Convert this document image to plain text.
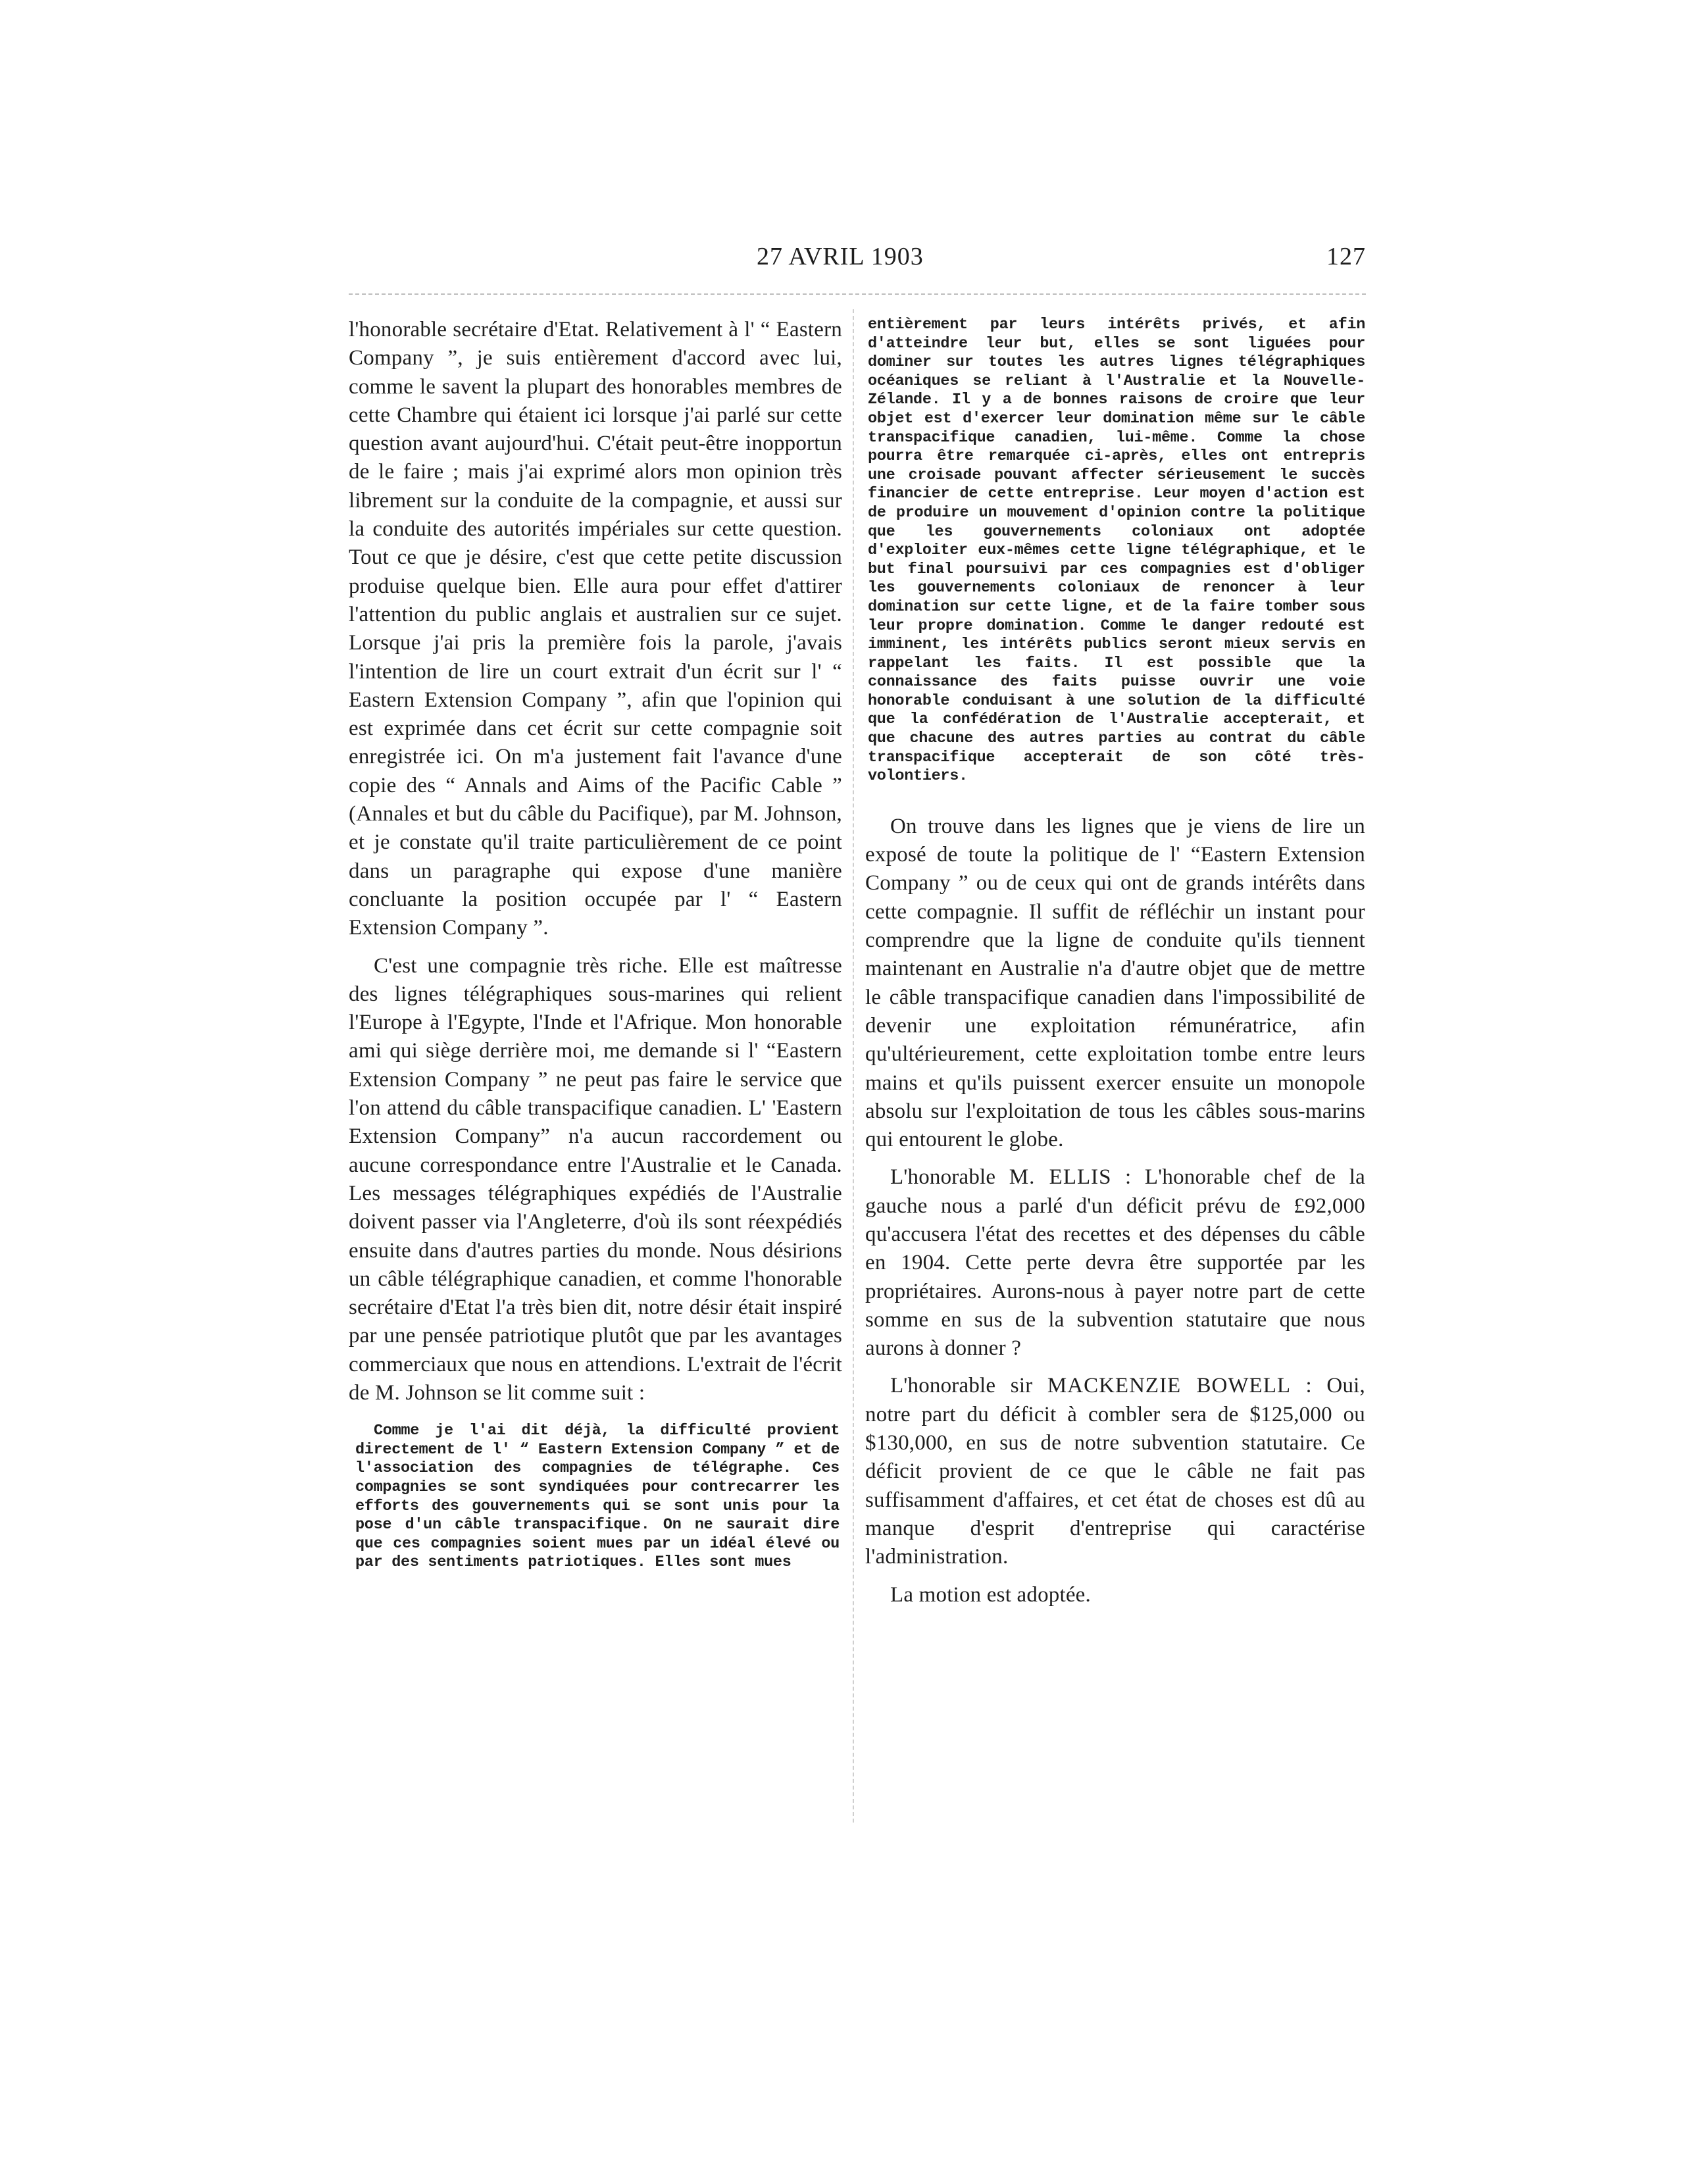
27 AVRIL 1903	127

l'honorable secrétaire d'Etat. Relativement à l' “ Eastern Company ”, je suis entièrement d'accord avec lui, comme le savent la plupart des honorables membres de cette Chambre qui étaient ici lorsque j'ai parlé sur cette question avant aujourd'hui. C'était peut-être inopportun de le faire ; mais j'ai exprimé alors mon opinion très librement sur la conduite de la compagnie, et aussi sur la conduite des autorités impériales sur cette question. Tout ce que je désire, c'est que cette petite discussion produise quelque bien. Elle aura pour effet d'attirer l'attention du public anglais et australien sur ce sujet. Lorsque j'ai pris la première fois la parole, j'avais l'intention de lire un court extrait d'un écrit sur l' “ Eastern Extension Company ”, afin que l'opinion qui est exprimée dans cet écrit sur cette compagnie soit enregistrée ici. On m'a justement fait l'avance d'une copie des “ Annals and Aims of the Pacific Cable ” (Annales et but du câble du Pacifique), par M. Johnson, et je constate qu'il traite particulièrement de ce point dans un paragraphe qui expose d'une manière concluante la position occupée par l' “ Eastern Extension Company ”.

C'est une compagnie très riche. Elle est maîtresse des lignes télégraphiques sous-marines qui relient l'Europe à l'Egypte, l'Inde et l'Afrique. Mon honorable ami qui siège derrière moi, me demande si l' “Eastern Extension Company ” ne peut pas faire le service que l'on attend du câble transpacifique canadien. L' 'Eastern Extension Company” n'a aucun raccordement ou aucune correspondance entre l'Australie et le Canada. Les messages télégraphiques expédiés de l'Australie doivent passer via l'Angleterre, d'où ils sont réexpédiés ensuite dans d'autres parties du monde. Nous désirions un câble télégraphique canadien, et comme l'honorable secrétaire d'Etat l'a très bien dit, notre désir était inspiré par une pensée patriotique plutôt que par les avantages commerciaux que nous en attendions. L'extrait de l'écrit de M. Johnson se lit comme suit :

Comme je l'ai dit déjà, la difficulté provient directement de l' “ Eastern Extension Company ” et de l'association des compagnies de télégraphe. Ces compagnies se sont syndiquées pour contrecarrer les efforts des gouvernements qui se sont unis pour la pose d'un câble transpacifique. On ne saurait dire que ces compagnies soient mues par un idéal élevé ou par des sentiments patriotiques. Elles sont mues

entièrement par leurs intérêts privés, et afin d'atteindre leur but, elles se sont liguées pour dominer sur toutes les autres lignes télégraphiques océaniques se reliant à l'Australie et la Nouvelle-Zélande. Il y a de bonnes raisons de croire que leur objet est d'exercer leur domination même sur le câble transpacifique canadien, lui-même. Comme la chose pourra être remarquée ci-après, elles ont entrepris une croisade pouvant affecter sérieusement le succès financier de cette entreprise. Leur moyen d'action est de produire un mouvement d'opinion contre la politique que les gouvernements coloniaux ont adoptée d'exploiter eux-mêmes cette ligne télégraphique, et le but final poursuivi par ces compagnies est d'obliger les gouvernements coloniaux de renoncer à leur domination sur cette ligne, et de la faire tomber sous leur propre domination. Comme le danger redouté est imminent, les intérêts publics seront mieux servis en rappelant les faits. Il est possible que la connaissance des faits puisse ouvrir une voie honorable conduisant à une solution de la difficulté que la confédération de l'Australie accepterait, et que chacune des autres parties au contrat du câble transpacifique accepterait de son côté très-volontiers.

On trouve dans les lignes que je viens de lire un exposé de toute la politique de l' “Eastern Extension Company ” ou de ceux qui ont de grands intérêts dans cette compagnie. Il suffit de réfléchir un instant pour comprendre que la ligne de conduite qu'ils tiennent maintenant en Australie n'a d'autre objet que de mettre le câble transpacifique canadien dans l'impossibilité de devenir une exploitation rémunératrice, afin qu'ultérieurement, cette exploitation tombe entre leurs mains et qu'ils puissent exercer ensuite un monopole absolu sur l'exploitation de tous les câbles sous-marins qui entourent le globe.

L'honorable M. ELLIS : L'honorable chef de la gauche nous a parlé d'un déficit prévu de £92,000 qu'accusera l'état des recettes et des dépenses du câble en 1904. Cette perte devra être supportée par les propriétaires. Aurons-nous à payer notre part de cette somme en sus de la subvention statutaire que nous aurons à donner ?

L'honorable sir MACKENZIE BOWELL : Oui, notre part du déficit à combler sera de $125,000 ou $130,000, en sus de notre subvention statutaire. Ce déficit provient de ce que le câble ne fait pas suffisamment d'affaires, et cet état de choses est dû au manque d'esprit d'entreprise qui caractérise l'administration.

La motion est adoptée.
